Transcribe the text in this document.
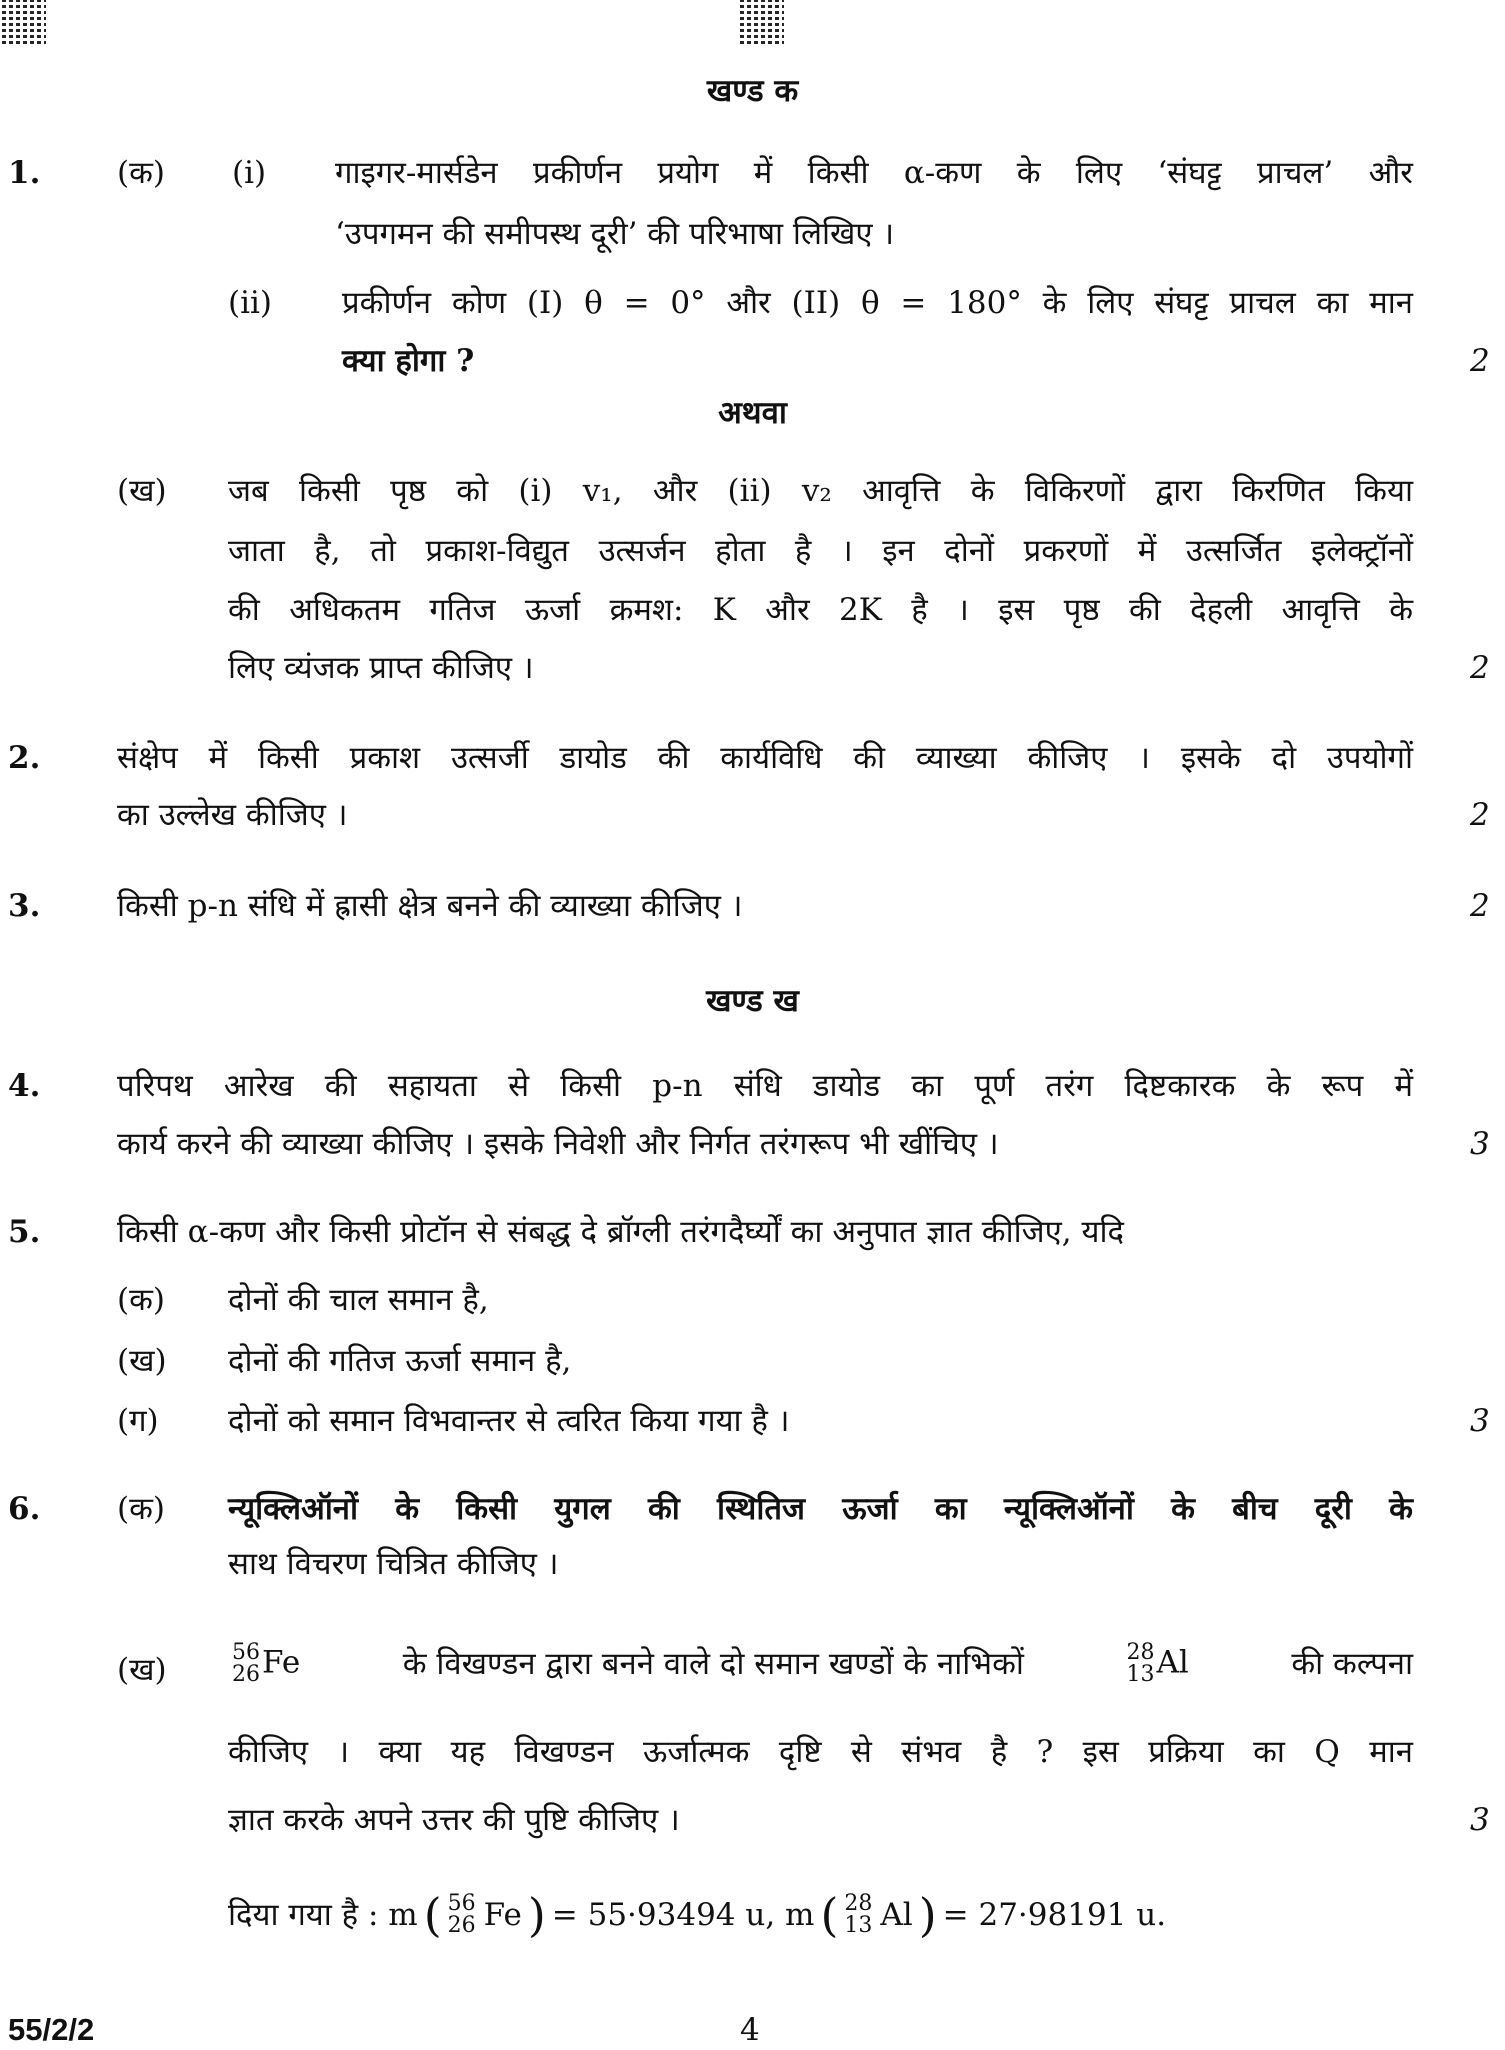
खण्ड क
1. (क) (i) गाइगर-मार्सडेन प्रकीर्णन प्रयोग में किसी α-कण के लिए ‘संघट्ट प्राचल’ और
‘उपगमन की समीपस्थ दूरी’ की परिभाषा लिखिए ।
(ii) प्रकीर्णन कोण (I) θ = 0° और (II) θ = 180° के लिए संघट्ट प्राचल का मान
क्या होगा ?	2
अथवा
(ख) जब किसी पृष्ठ को (i) v₁, और (ii) v₂ आवृत्ति के विकिरणों द्वारा किरणित किया
जाता है, तो प्रकाश-विद्युत उत्सर्जन होता है । इन दोनों प्रकरणों में उत्सर्जित इलेक्ट्रॉनों
की अधिकतम गतिज ऊर्जा क्रमश: K और 2K है । इस पृष्ठ की देहली आवृत्ति के
लिए व्यंजक प्राप्त कीजिए ।	2
2. संक्षेप में किसी प्रकाश उत्सर्जी डायोड की कार्यविधि की व्याख्या कीजिए । इसके दो उपयोगों
का उल्लेख कीजिए ।	2
3. किसी p-n संधि में ह्रासी क्षेत्र बनने की व्याख्या कीजिए ।	2
खण्ड ख
4. परिपथ आरेख की सहायता से किसी p-n संधि डायोड का पूर्ण तरंग दिष्टकारक के रूप में
कार्य करने की व्याख्या कीजिए । इसके निवेशी और निर्गत तरंगरूप भी खींचिए ।	3
5. किसी α-कण और किसी प्रोटॉन से संबद्ध दे ब्रॉग्ली तरंगदैर्घ्यों का अनुपात ज्ञात कीजिए, यदि
(क) दोनों की चाल समान है,
(ख) दोनों की गतिज ऊर्जा समान है,
(ग) दोनों को समान विभवान्तर से त्वरित किया गया है ।	3
6. (क) न्यूक्लिऑनों के किसी युगल की स्थितिज ऊर्जा का न्यूक्लिऑनों के बीच दूरी के
साथ विचरण चित्रित कीजिए ।
(ख)	56
26Fe	के विखण्डन द्वारा बनने वाले दो समान खण्डों के नाभिकों	28
13Al	की कल्पना
कीजिए । क्या यह विखण्डन ऊर्जात्मक दृष्टि से संभव है ? इस प्रक्रिया का Q मान
ज्ञात करके अपने उत्तर की पुष्टि कीजिए ।	3
दिया गया है : m ( 56
26 Fe ) = 55·93494 u, m ( 28
13 Al ) = 27·98191 u.
55/2/2	4
